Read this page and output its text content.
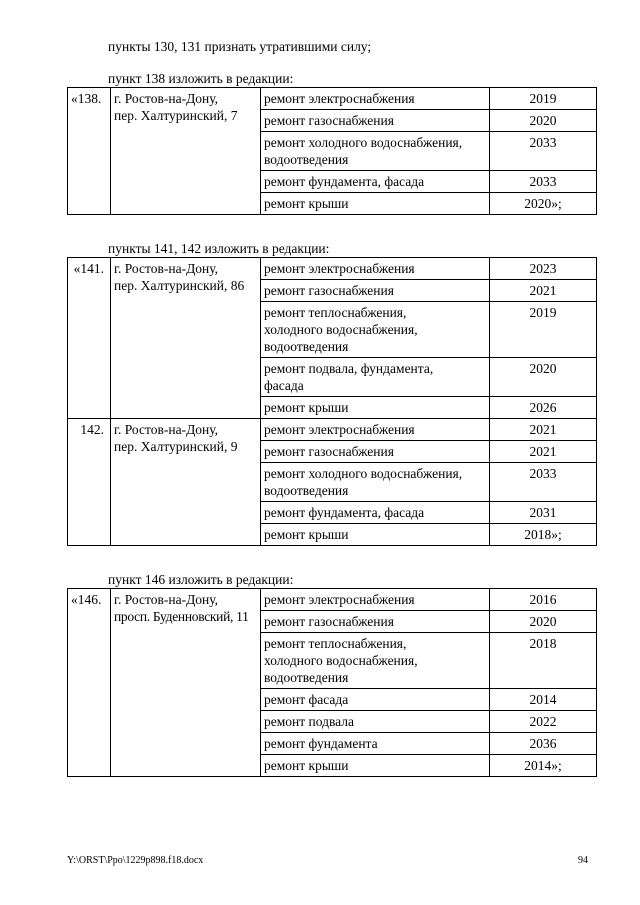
пункты 130, 131 признать утратившими силу;
пункт 138 изложить в редакции:
«138.	г. Ростов-на-Дону,
пер. Халтуринский, 7	ремонт электроснабжения	2019
		ремонт газоснабжения	2020

		ремонт холодного водоснабжения,
водоотведения	2033
		ремонт фундамента, фасада	2033
		ремонт крыши	2020»;
пункты 141, 142 изложить в редакции:
«141.	г. Ростов-на-Дону,
пер. Халтуринский, 86	ремонт электроснабжения	2023
		ремонт газоснабжения	2021

		ремонт теплоснабжения,
холодного водоснабжения,
водоотведения	2019

		ремонт подвала, фундамента,
фасада	2020
		ремонт крыши	2026
142.	г. Ростов-на-Дону,
пер. Халтуринский, 9	ремонт электроснабжения	2021
		ремонт газоснабжения	2021

		ремонт холодного водоснабжения,
водоотведения	2033
		ремонт фундамента, фасада	2031
		ремонт крыши	2018»;
пункт 146 изложить в редакции:
«146.	г. Ростов-на-Дону,
просп. Буденновский, 11	ремонт электроснабжения	2016
		ремонт газоснабжения	2020

		ремонт теплоснабжения,
холодного водоснабжения,
водоотведения	2018
		ремонт фасада	2014
		ремонт подвала	2022
		ремонт фундамента	2036
		ремонт крыши	2014»;
Y:\ORST\Ppo\1229p898.f18.docx	94
